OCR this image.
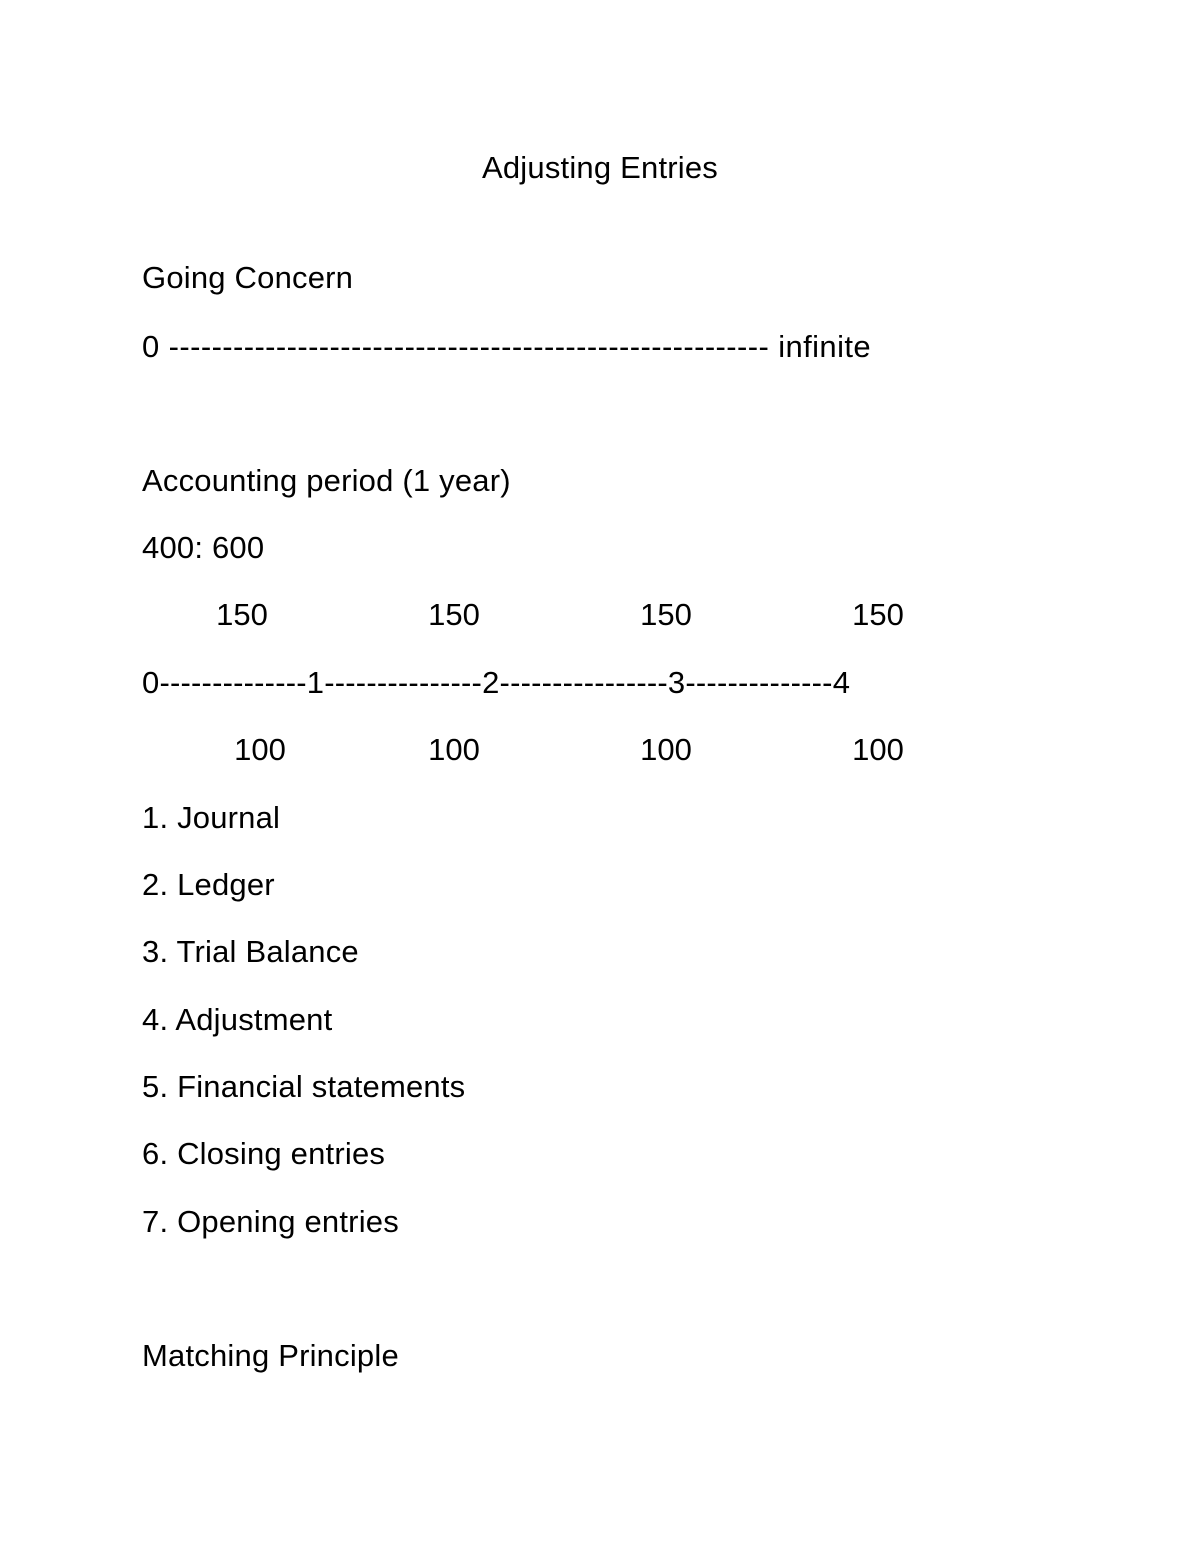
Adjusting Entries
Going Concern
0 -------------------------------------------------------- infinite
Accounting period (1 year)
400: 600
150	150	150	150
0--------------1---------------2----------------3--------------4
100	100	100	100
1. Journal
2. Ledger
3. Trial Balance
4. Adjustment
5. Financial statements
6. Closing entries
7. Opening entries
Matching Principle
